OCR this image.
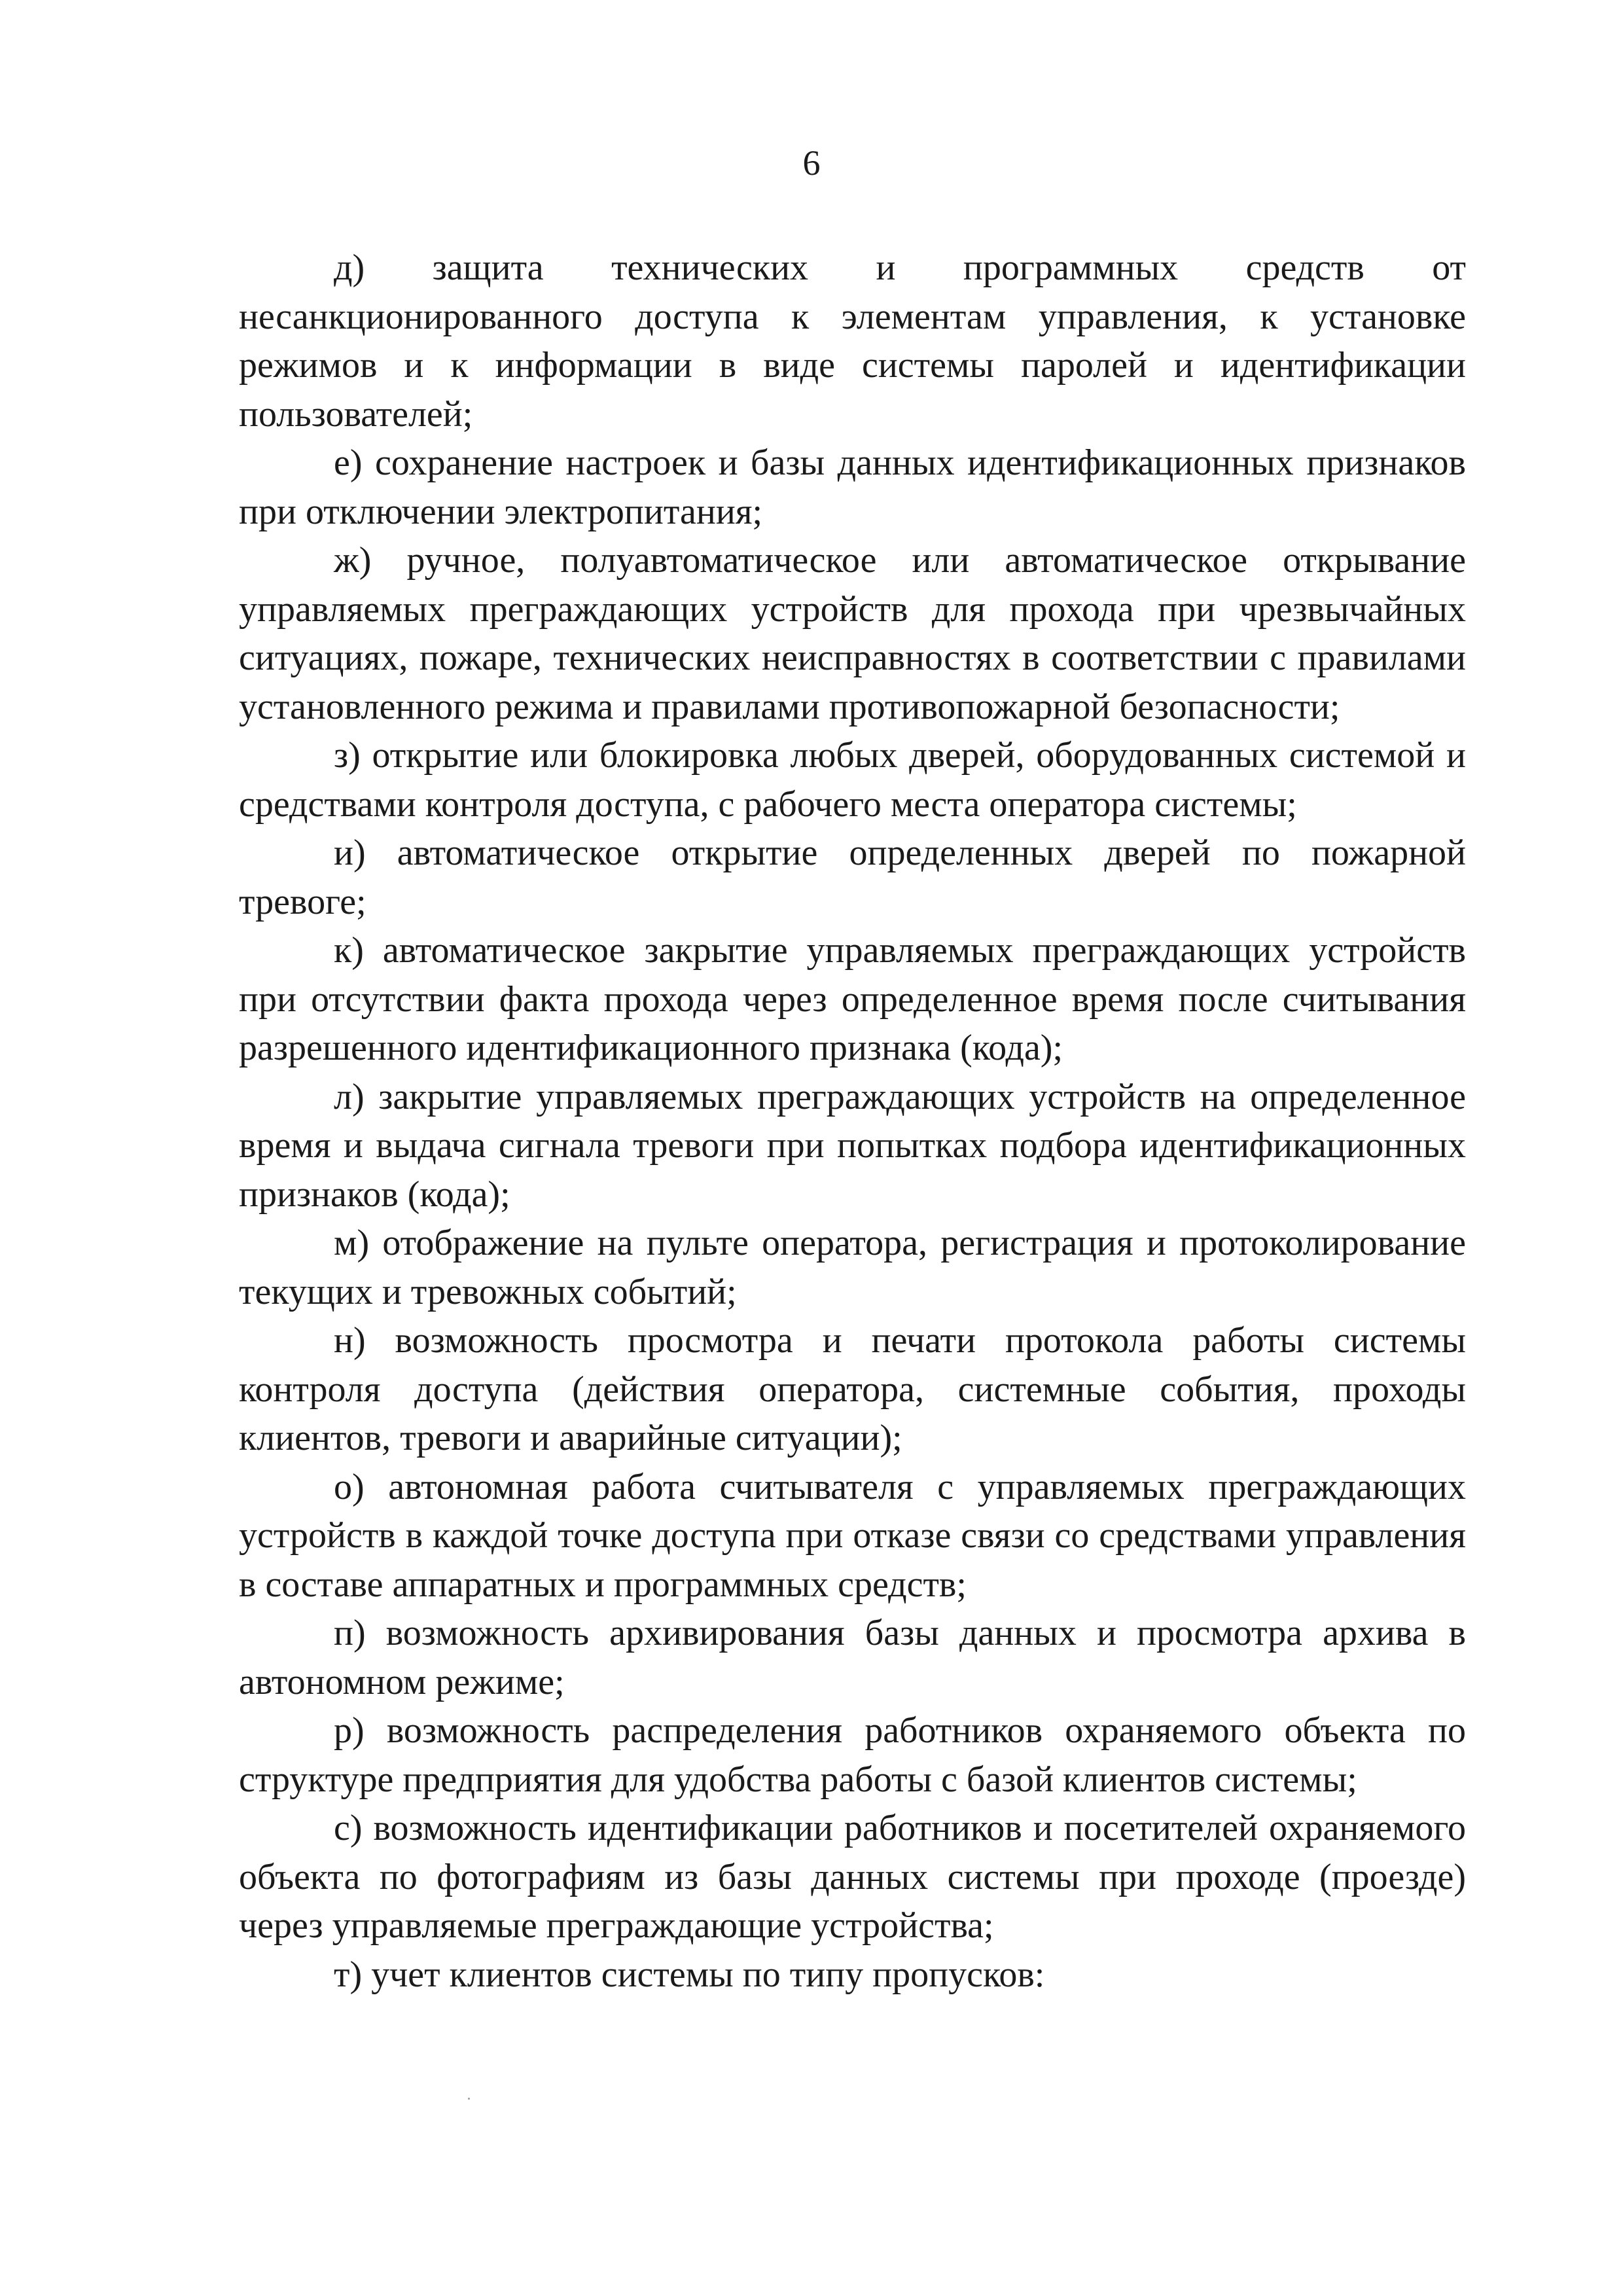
6

д) защита технических и программных средств от несанкционированного доступа к элементам управления, к установке режимов и к информации в виде системы паролей и идентификации пользователей;

е) сохранение настроек и базы данных идентификационных признаков при отключении электропитания;

ж) ручное, полуавтоматическое или автоматическое открывание управляемых преграждающих устройств для прохода при чрезвычайных ситуациях, пожаре, технических неисправностях в соответствии с правилами установленного режима и правилами противопожарной безопасности;

з) открытие или блокировка любых дверей, оборудованных системой и средствами контроля доступа, с рабочего места оператора системы;

и) автоматическое открытие определенных дверей по пожарной тревоге;

к) автоматическое закрытие управляемых преграждающих устройств при отсутствии факта прохода через определенное время после считывания разрешенного идентификационного признака (кода);

л) закрытие управляемых преграждающих устройств на определенное время и выдача сигнала тревоги при попытках подбора идентификационных признаков (кода);

м) отображение на пульте оператора, регистрация и протоколирование текущих и тревожных событий;

н) возможность просмотра и печати протокола работы системы контроля доступа (действия оператора, системные события, проходы клиентов, тревоги и аварийные ситуации);

о) автономная работа считывателя с управляемых преграждающих устройств в каждой точке доступа при отказе связи со средствами управления в составе аппаратных и программных средств;

п) возможность архивирования базы данных и просмотра архива в автономном режиме;

р) возможность распределения работников охраняемого объекта по структуре предприятия для удобства работы с базой клиентов системы;

с) возможность идентификации работников и посетителей охраняемого объекта по фотографиям из базы данных системы при проходе (проезде) через управляемые преграждающие устройства;

т) учет клиентов системы по типу пропусков:
